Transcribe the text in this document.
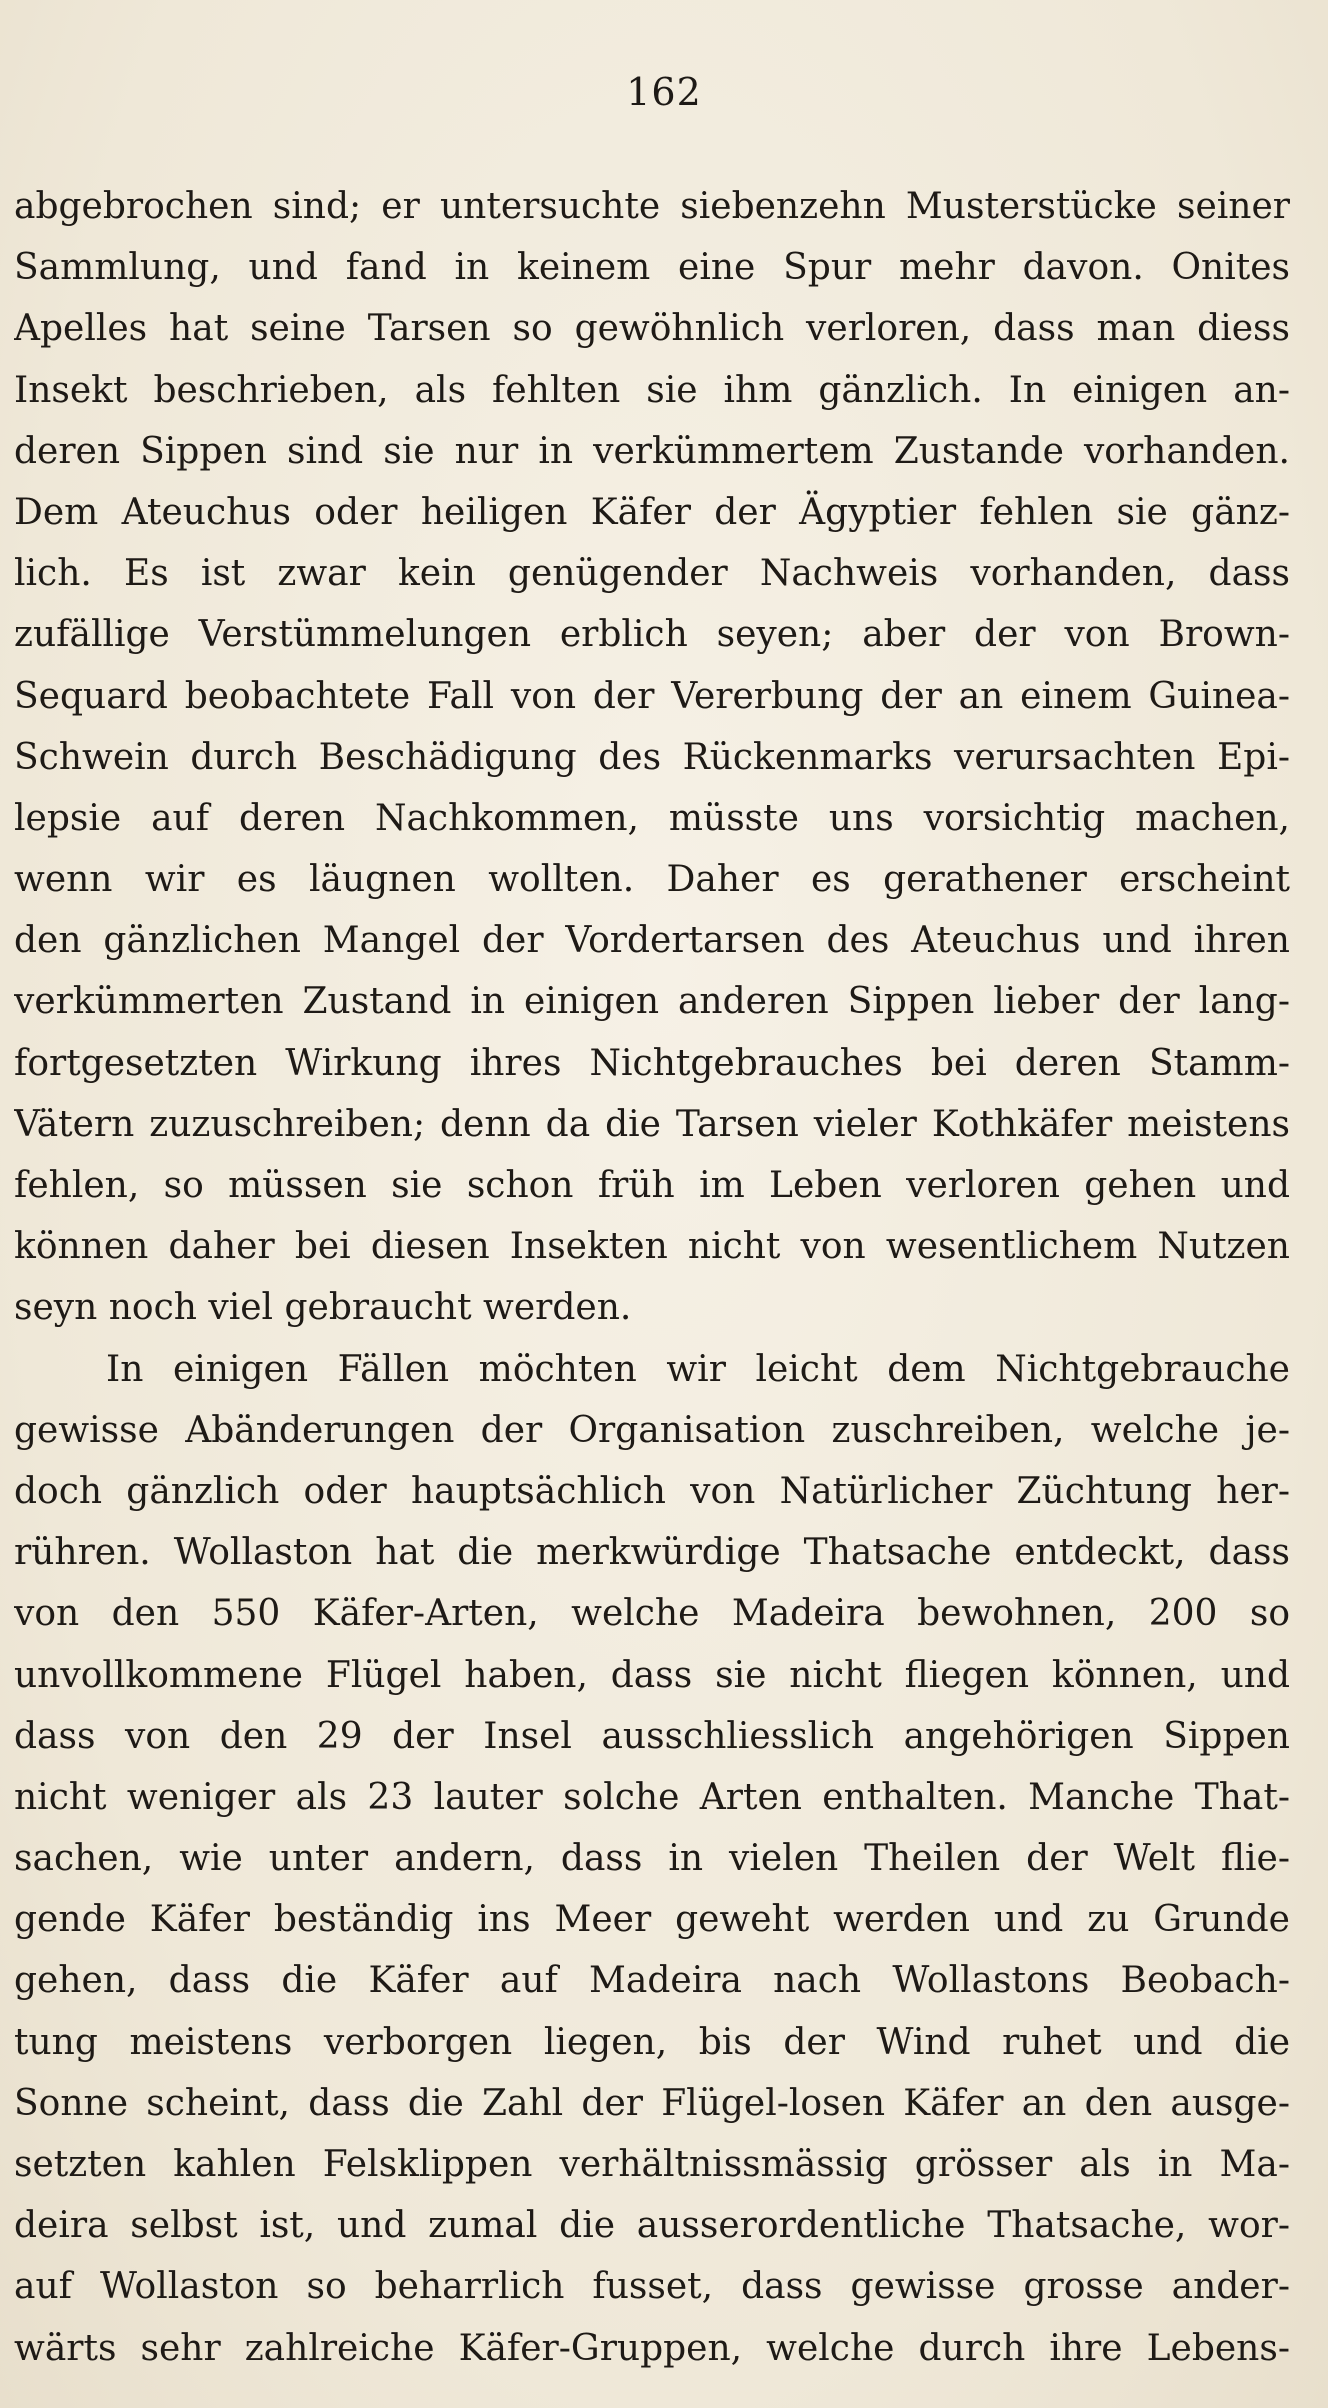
162
abgebrochen sind; er untersuchte siebenzehn Musterstücke seiner
Sammlung, und fand in keinem eine Spur mehr davon. Onites
Apelles hat seine Tarsen so gewöhnlich verloren, dass man diess
Insekt beschrieben, als fehlten sie ihm gänzlich. In einigen an-
deren Sippen sind sie nur in verkümmertem Zustande vorhanden.
Dem Ateuchus oder heiligen Käfer der Ägyptier fehlen sie gänz-
lich. Es ist zwar kein genügender Nachweis vorhanden, dass
zufällige Verstümmelungen erblich seyen; aber der von Brown-
Sequard beobachtete Fall von der Vererbung der an einem Guinea-
Schwein durch Beschädigung des Rückenmarks verursachten Epi-
lepsie auf deren Nachkommen, müsste uns vorsichtig machen,
wenn wir es läugnen wollten. Daher es gerathener erscheint
den gänzlichen Mangel der Vordertarsen des Ateuchus und ihren
verkümmerten Zustand in einigen anderen Sippen lieber der lang-
fortgesetzten Wirkung ihres Nichtgebrauches bei deren Stamm-
Vätern zuzuschreiben; denn da die Tarsen vieler Kothkäfer meistens
fehlen, so müssen sie schon früh im Leben verloren gehen und
können daher bei diesen Insekten nicht von wesentlichem Nutzen
seyn noch viel gebraucht werden.
In einigen Fällen möchten wir leicht dem Nichtgebrauche
gewisse Abänderungen der Organisation zuschreiben, welche je-
doch gänzlich oder hauptsächlich von Natürlicher Züchtung her-
rühren. Wollaston hat die merkwürdige Thatsache entdeckt, dass
von den 550 Käfer-Arten, welche Madeira bewohnen, 200 so
unvollkommene Flügel haben, dass sie nicht fliegen können, und
dass von den 29 der Insel ausschliesslich angehörigen Sippen
nicht weniger als 23 lauter solche Arten enthalten. Manche That-
sachen, wie unter andern, dass in vielen Theilen der Welt flie-
gende Käfer beständig ins Meer geweht werden und zu Grunde
gehen, dass die Käfer auf Madeira nach Wollastons Beobach-
tung meistens verborgen liegen, bis der Wind ruhet und die
Sonne scheint, dass die Zahl der Flügel-losen Käfer an den ausge-
setzten kahlen Felsklippen verhältnissmässig grösser als in Ma-
deira selbst ist, und zumal die ausserordentliche Thatsache, wor-
auf Wollaston so beharrlich fusset, dass gewisse grosse ander-
wärts sehr zahlreiche Käfer-Gruppen, welche durch ihre Lebens-
